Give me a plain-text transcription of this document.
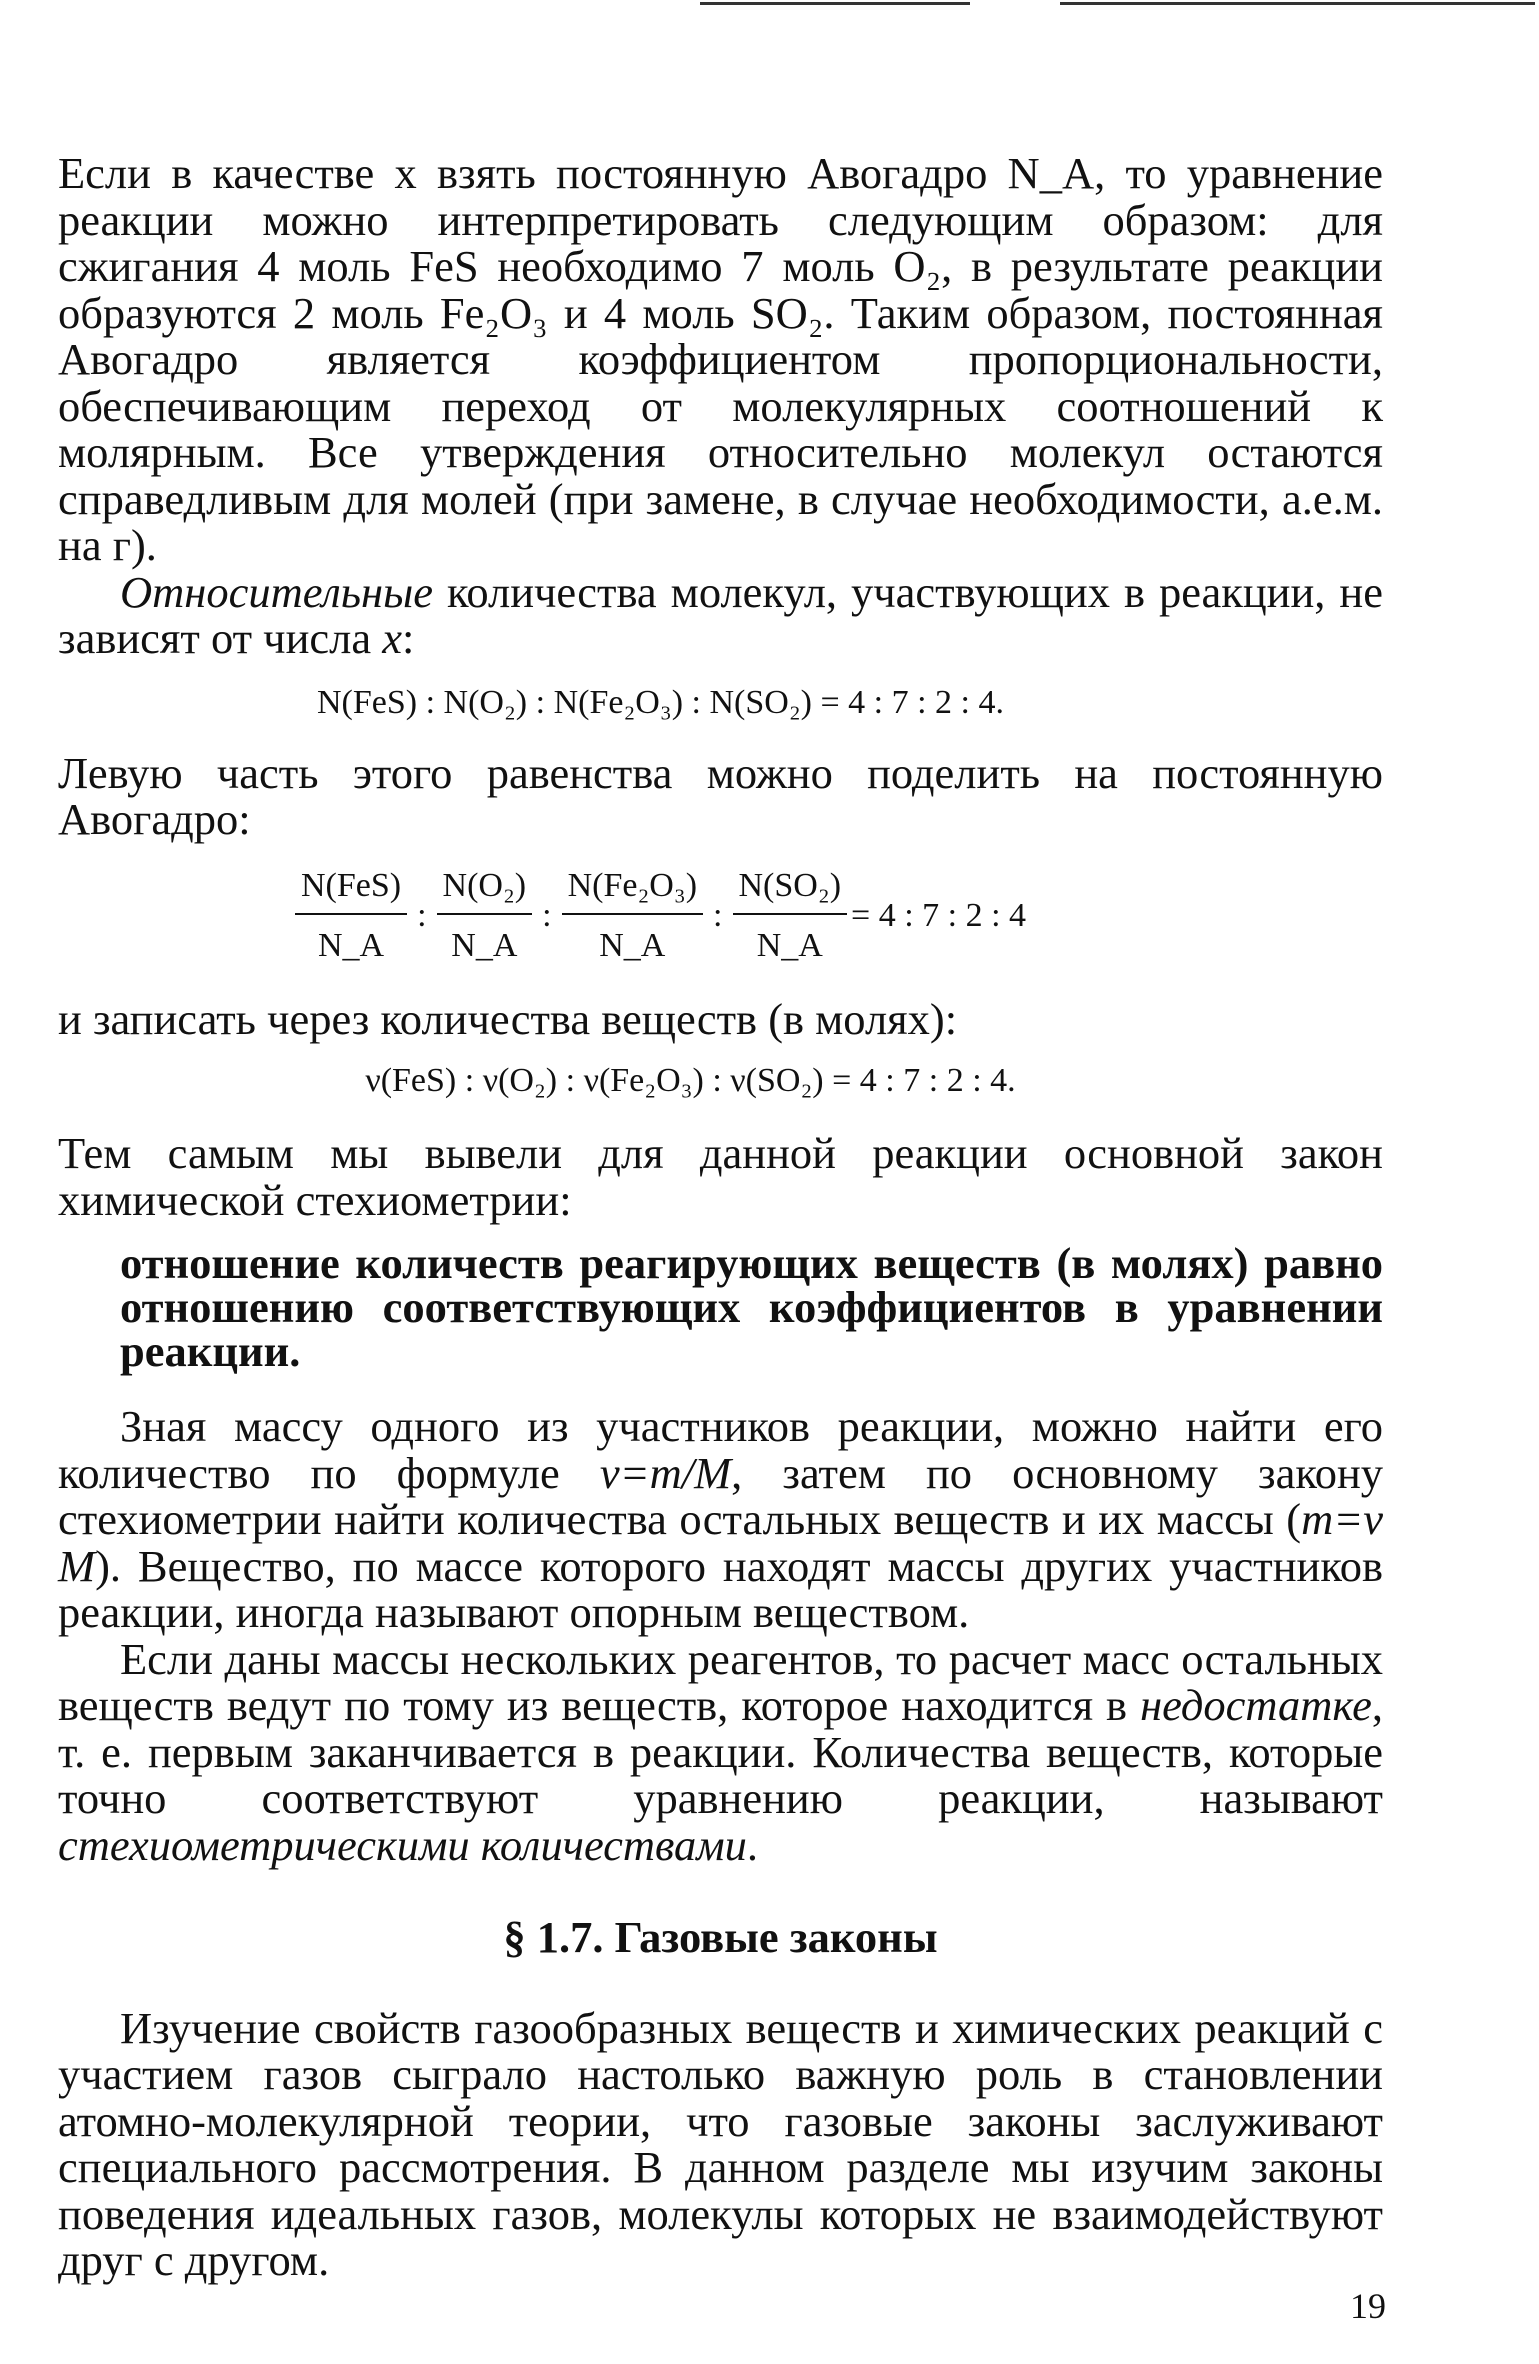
Если в качестве x взять постоянную Авогадро N_A, то уравнение реакции можно интерпретировать следующим образом: для сжигания 4 моль FeS необходимо 7 моль O₂, в результате реакции образуются 2 моль Fe₂O₃ и 4 моль SO₂. Таким образом, постоянная Авогадро является коэффициентом пропорциональности, обеспечивающим переход от молекулярных соотношений к молярным. Все утверждения относительно молекул остаются справедливым для молей (при замене, в случае необходимости, а.е.м. на г).

Относительные количества молекул, участвующих в реакции, не зависят от числа x:

N(FeS) : N(O₂) : N(Fe₂O₃) : N(SO₂) = 4 : 7 : 2 : 4.

Левую часть этого равенства можно поделить на постоянную Авогадро:

$\frac{\text{N(FeS)}}{N\_A}$ : $\frac{\text{N(O₂)}}{N\_A}$ : $\frac{\text{N(Fe₂O₃)}}{N\_A}$ : $\frac{\text{N(SO₂)}}{N\_A} = 4$ : 7 : 2 : 4

и записать через количества веществ (в молях):

ν(FeS) : ν(O₂) : ν(Fe₂O₃) : ν(SO₂) = 4 : 7 : 2 : 4.

Тем самым мы вывели для данной реакции основной закон химической стехиометрии:

отношение количеств реагирующих веществ (в молях) равно отношению соответствующих коэффициентов в уравнении реакции.

Зная массу одного из участников реакции, можно найти его количество по формуле ν=m/M, затем по основному закону стехиометрии найти количества остальных веществ и их массы (m=ν M). Вещество, по массе которого находят массы других участников реакции, иногда называют опорным веществом.

Если даны массы нескольких реагентов, то расчет масс остальных веществ ведут по тому из веществ, которое находится в недостатке, т. е. первым заканчивается в реакции. Количества веществ, которые точно соответствуют уравнению реакции, называют стехиометрическими количествами.

§ 1.7. Газовые законы

Изучение свойств газообразных веществ и химических реакций с участием газов сыграло настолько важную роль в становлении атомно-молекулярной теории, что газовые законы заслуживают специального рассмотрения. В данном разделе мы изучим законы поведения идеальных газов, молекулы которых не взаимодействуют друг с другом.

19
